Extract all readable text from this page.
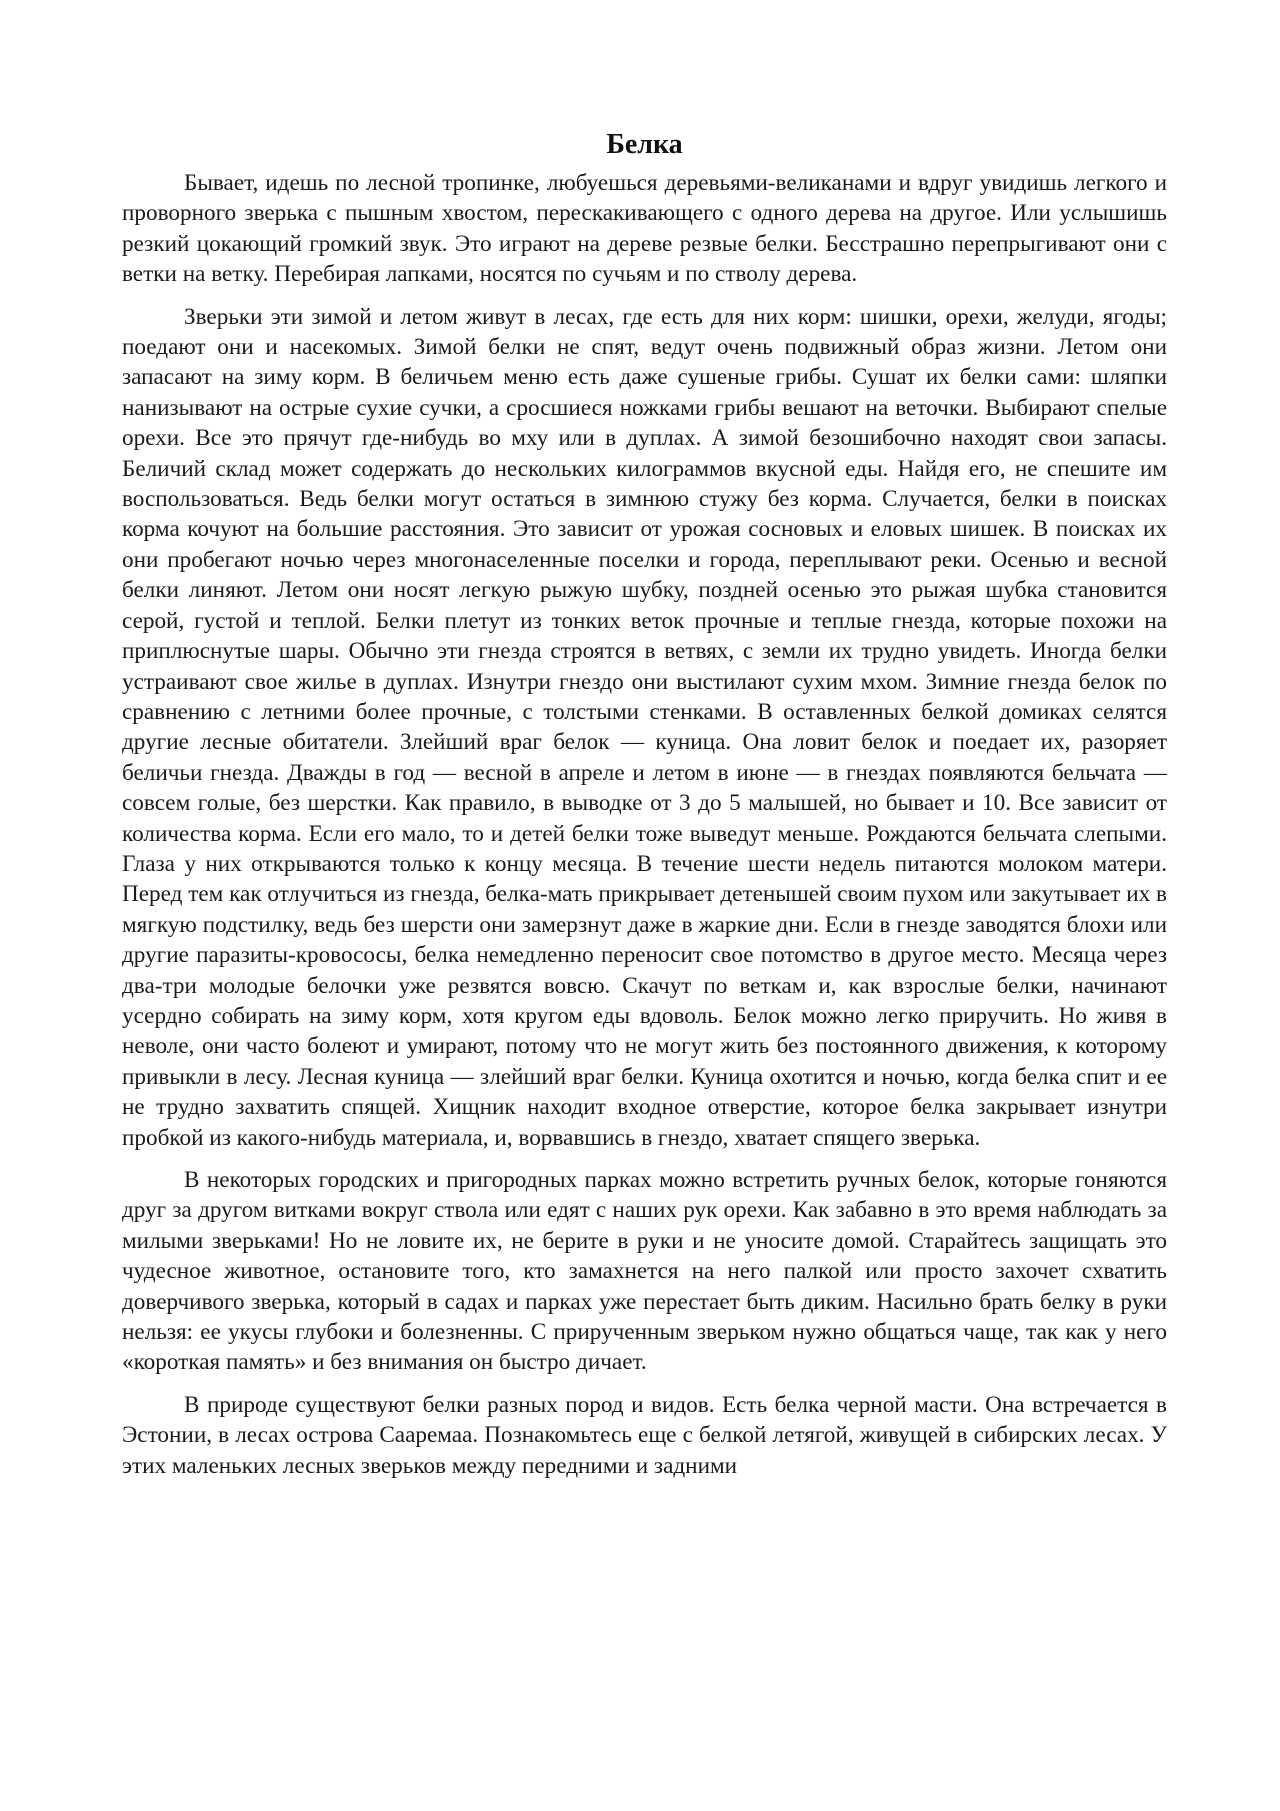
Белка

Бывает, идешь по лесной тропинке, любуешься деревьями-великанами и вдруг увидишь легкого и проворного зверька с пышным хвостом, перескакивающего с одного дерева на другое. Или услышишь резкий цокающий громкий звук. Это играют на дереве резвые белки. Бесстрашно перепрыгивают они с ветки на ветку. Перебирая лапками, носятся по сучьям и по стволу дерева.

Зверьки эти зимой и летом живут в лесах, где есть для них корм: шишки, орехи, желуди, ягоды; поедают они и насекомых. Зимой белки не спят, ведут очень подвижный образ жизни. Летом они запасают на зиму корм. В беличьем меню есть даже сушеные грибы. Сушат их белки сами: шляпки нанизывают на острые сухие сучки, а сросшиеся ножками грибы вешают на веточки. Выбирают спелые орехи. Все это прячут где-нибудь во мху или в дуплах. А зимой безошибочно находят свои запасы. Беличий склад может содержать до нескольких килограммов вкусной еды. Найдя его, не спешите им воспользоваться. Ведь белки могут остаться в зимнюю стужу без корма. Случается, белки в поисках корма кочуют на большие расстояния. Это зависит от урожая сосновых и еловых шишек. В поисках их они пробегают ночью через многонаселенные поселки и города, переплывают реки. Осенью и весной белки линяют. Летом они носят легкую рыжую шубку, поздней осенью это рыжая шубка становится серой, густой и теплой. Белки плетут из тонких веток прочные и теплые гнезда, которые похожи на приплюснутые шары. Обычно эти гнезда строятся в ветвях, с земли их трудно увидеть. Иногда белки устраивают свое жилье в дуплах. Изнутри гнездо они выстилают сухим мхом. Зимние гнезда белок по сравнению с летними более прочные, с толстыми стенками. В оставленных белкой домиках селятся другие лесные обитатели. Злейший враг белок — куница. Она ловит белок и поедает их, разоряет беличьи гнезда. Дважды в год — весной в апреле и летом в июне — в гнездах появляются бельчата — совсем голые, без шерстки. Как правило, в выводке от 3 до 5 малышей, но бывает и 10. Все зависит от количества корма. Если его мало, то и детей белки тоже выведут меньше. Рождаются бельчата слепыми. Глаза у них открываются только к концу месяца. В течение шести недель питаются молоком матери. Перед тем как отлучиться из гнезда, белка-мать прикрывает детенышей своим пухом или закутывает их в мягкую подстилку, ведь без шерсти они замерзнут даже в жаркие дни. Если в гнезде заводятся блохи или другие паразиты-кровососы, белка немедленно переносит свое потомство в другое место. Месяца через два-три молодые белочки уже резвятся вовсю. Скачут по веткам и, как взрослые белки, начинают усердно собирать на зиму корм, хотя кругом еды вдоволь. Белок можно легко приручить. Но живя в неволе, они часто болеют и умирают, потому что не могут жить без постоянного движения, к которому привыкли в лесу. Лесная куница — злейший враг белки. Куница охотится и ночью, когда белка спит и ее не трудно захватить спящей. Хищник находит входное отверстие, которое белка закрывает изнутри пробкой из какого-нибудь материала, и, ворвавшись в гнездо, хватает спящего зверька.

В некоторых городских и пригородных парках можно встретить ручных белок, которые гоняются друг за другом витками вокруг ствола или едят с наших рук орехи. Как забавно в это время наблюдать за милыми зверьками! Но не ловите их, не берите в руки и не уносите домой. Старайтесь защищать это чудесное животное, остановите того, кто замахнется на него палкой или просто захочет схватить доверчивого зверька, который в садах и парках уже перестает быть диким. Насильно брать белку в руки нельзя: ее укусы глубоки и болезненны. С прирученным зверьком нужно общаться чаще, так как у него «короткая память» и без внимания он быстро дичает.

В природе существуют белки разных пород и видов. Есть белка черной масти. Она встречается в Эстонии, в лесах острова Сааремаа. Познакомьтесь еще с белкой летягой, живущей в сибирских лесах. У этих маленьких лесных зверьков между передними и задними
